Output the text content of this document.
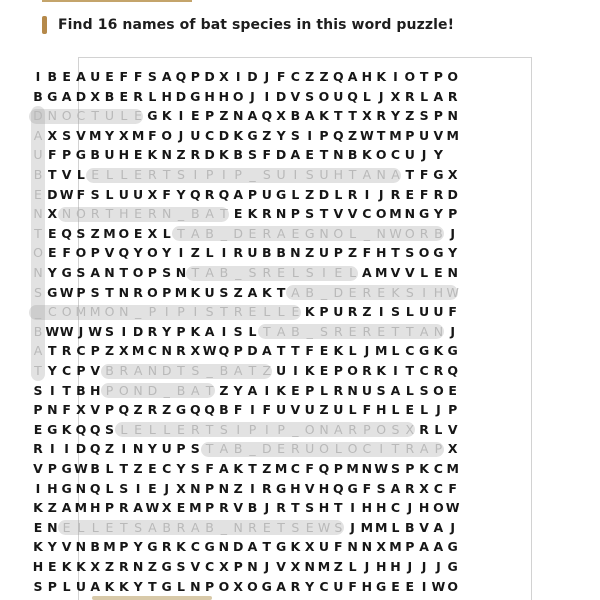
Find 16 names of bat species in this word puzzle!
I B E A U E F F S A Q P D X I D J F C Z Z Q A H K I O T P O
B G A D X B E R L H D G H H O J I D V S O U Q L J X R L A R
D N O C T U L E G K I E P Z N A Q X B A K T T X R Y Z S P N
A X S V M Y X M F O J U C D K G Z Y S I P Q Z W T M P U V M
U F P G B U H E K N Z R D K B S F D A E T N B K O C U J Y
B T V L E L L E R T S I P I P _ S U I S U H T A N A T F G X
E D W F S L U U X F Y Q R Q A P U G L Z D L R I J R E F R D
N X N O R T H E R N _ B A T E K R N P S T V V C O M N G Y P
T E Q S Z M O E X L T A B _ D E R A E G N O L _ N W O R B J
O E F O P V Q Y O Y I Z L I R U B B N Z U P Z F H T S O G Y
N Y G S A N T O P S N T A B _ S R E L S I E L A M V V L E N
S G W P S T N R O P M K U S Z A K T A B _ D E R E K S I H W
_ C O M M O N _ P I P I S T R E L L E K P U R Z I S L U U F
B W W J W S I D R Y P K A I S L T A B _ S R E R E T T A N J
A T R C P Z X M C N R X W Q P D A T T F E K L J M L C G K G
T Y C P V B R A N D T S _ B A T Z U I K E P O R K I T C R Q
S I T B H P O N D _ B A T Z Y A I K E P L R N U S A L S O E
P N F X V P Q Z R Z G Q Q B F I F U V U Z U L F H L E L J P
E G K Q Q S L E L L E R T S I P I P _ O N A R P O S X R L V
R I I D Q Z I N Y U P S T A B _ D E R U O L O C I T R A P X
V P G W B L T Z E C Y S F A K T Z M C F Q P M N W S P K C M
I H G N Q L S I E J X N P N Z I R G H V H Q G F S A R X C F
K Z A M H P R A W X E M P R V B J R T S H T I H H C J H O W
E N E L L E T S A B R A B _ N R E T S E W S J M M L B V A J
K Y V N B M P Y G R K C G N D A T G K X U F N N X M P A A G
H E K K X Z R N Z G S V C X P N J V X N M Z L J H H J J J G
S P L U A K K Y T G L N P O X O G A R Y C U F H G E E I W O
